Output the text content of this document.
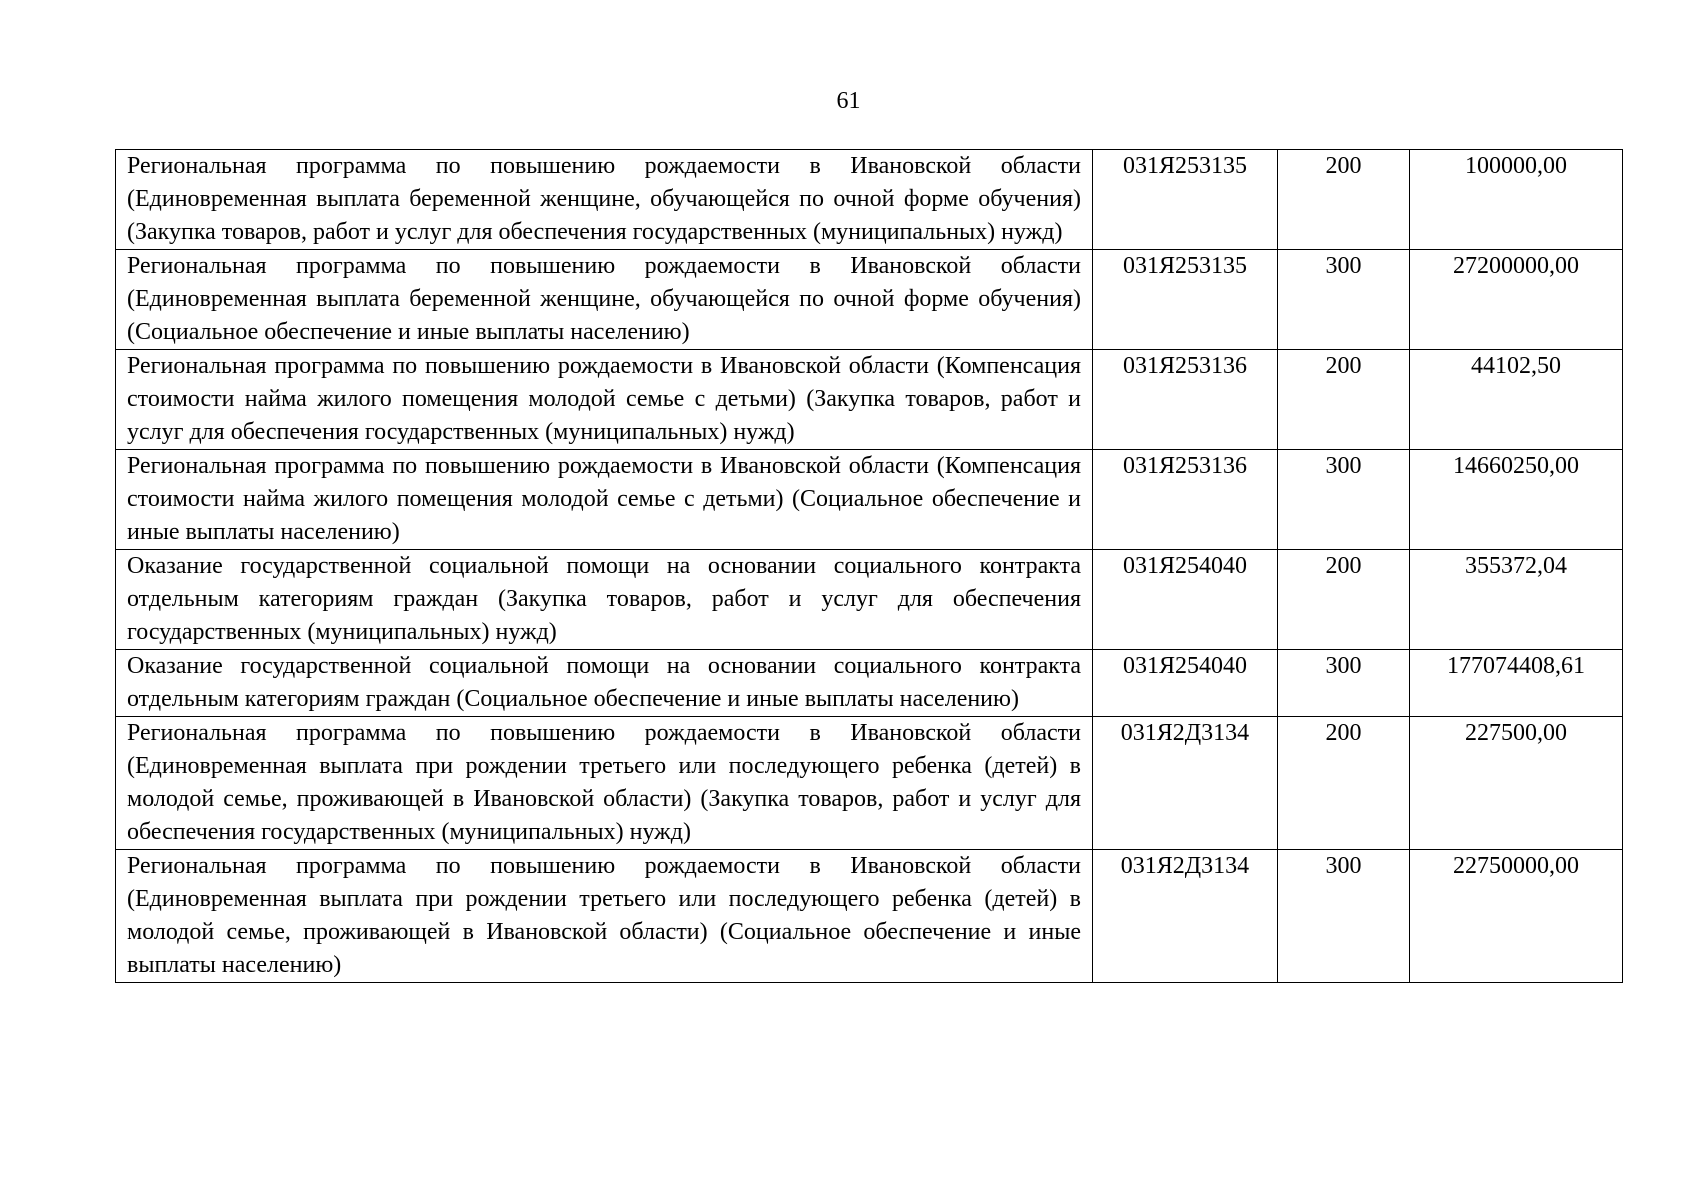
61
Региональная программа по повышению рождаемости в Ивановской области (Единовременная выплата беременной женщине, обучающейся по очной форме обучения) (Закупка товаров, работ и услуг для обеспечения государственных (муниципальных) нужд)	031Я253135	200	100000,00
Региональная программа по повышению рождаемости в Ивановской области (Единовременная выплата беременной женщине, обучающейся по очной форме обучения) (Социальное обеспечение и иные выплаты населению)	031Я253135	300	27200000,00
Региональная программа по повышению рождаемости в Ивановской области (Компенсация стоимости найма жилого помещения молодой семье с детьми) (Закупка товаров, работ и услуг для обеспечения государственных (муниципальных) нужд)	031Я253136	200	44102,50
Региональная программа по повышению рождаемости в Ивановской области (Компенсация стоимости найма жилого помещения молодой семье с детьми) (Социальное обеспечение и иные выплаты населению)	031Я253136	300	14660250,00
Оказание государственной социальной помощи на основании социального контракта отдельным категориям граждан (Закупка товаров, работ и услуг для обеспечения государственных (муниципальных) нужд)	031Я254040	200	355372,04
Оказание государственной социальной помощи на основании социального контракта отдельным категориям граждан (Социальное обеспечение и иные выплаты населению)	031Я254040	300	177074408,61
Региональная программа по повышению рождаемости в Ивановской области (Единовременная выплата при рождении третьего или последующего ребенка (детей) в молодой семье, проживающей в Ивановской области) (Закупка товаров, работ и услуг для обеспечения государственных (муниципальных) нужд)	031Я2Д3134	200	227500,00
Региональная программа по повышению рождаемости в Ивановской области (Единовременная выплата при рождении третьего или последующего ребенка (детей) в молодой семье, проживающей в Ивановской области) (Социальное обеспечение и иные выплаты населению)	031Я2Д3134	300	22750000,00
